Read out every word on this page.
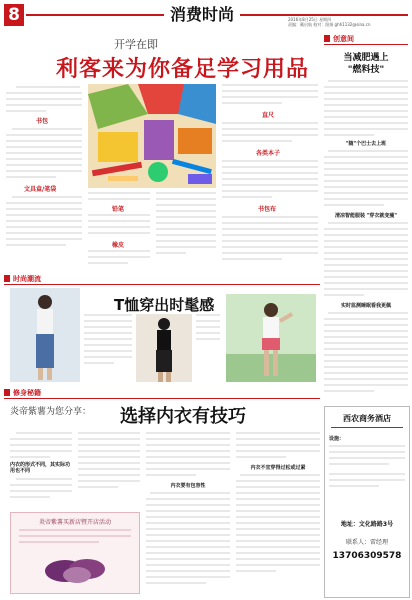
8	消费时尚	2016年8月25日 星期四
责编：戴启航 校对：阳娟 ghh1132@sina.cn
开学在即
利客来为你备足学习用品
书包
文具盒/笔袋
铅笔
橡皮
直尺
各类本子
书包布
创意间
当减肥遇上
"燃料技"
"随"个巴士去上班
清凉智能服装 "穿衣就变瘦"
实时监测睡眠看我更佩
时尚潮流
T恤穿出时髦感
修身秘籍
炎帝紫薯为您分享： 选择内衣有技巧
内衣的形式不同，其实际功用也不同
炎帝紫薯买新店暨开店活动
内衣要有包容性
内衣不宜穿得过松或过紧
西农商务酒店
设施：
地址：文化路路3号
联系人：雷经理
13706309578
